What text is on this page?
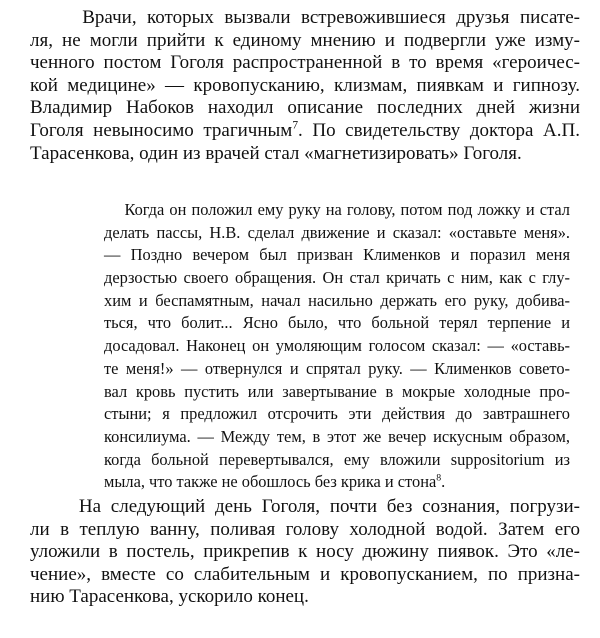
Врачи, которых вызвали встревожившиеся друзья писате-
ля, не могли прийти к единому мнению и подвергли уже изму-
ченного постом Гоголя распространенной в то время «героичес-
кой медицине» — кровопусканию, клизмам, пиявкам и гипнозу.
Владимир Набоков находил описание последних дней жизни
Гоголя невыносимо трагичным$^7$. По свидетельству доктора А.П.
Тарасенкова, один из врачей стал «магнетизировать» Гоголя.
Когда он положил ему руку на голову, потом под ложку и стал
делать пассы, Н.В. сделал движение и сказал: «оставьте меня».
— Поздно вечером был призван Клименков и поразил меня
дерзостью своего обращения. Он стал кричать с ним, как с глу-
хим и беспамятным, начал насильно держать его руку, добива-
ться, что болит... Ясно было, что больной терял терпение и
досадовал. Наконец он умоляющим голосом сказал: — «оставь-
те меня!» — отвернулся и спрятал руку. — Клименков совето-
вал кровь пустить или завертывание в мокрые холодные про-
стыни; я предложил отсрочить эти действия до завтрашнего
консилиума. — Между тем, в этот же вечер искусным образом,
когда больной перевертывался, ему вложили suppositorium из
мыла, что также не обошлось без крика и стона$^8$.
На следующий день Гоголя, почти без сознания, погрузи-
ли в теплую ванну, поливая голову холодной водой. Затем его
уложили в постель, прикрепив к носу дюжину пиявок. Это «ле-
чение», вместе со слабительным и кровопусканием, по призна-
нию Тарасенкова, ускорило конец.
